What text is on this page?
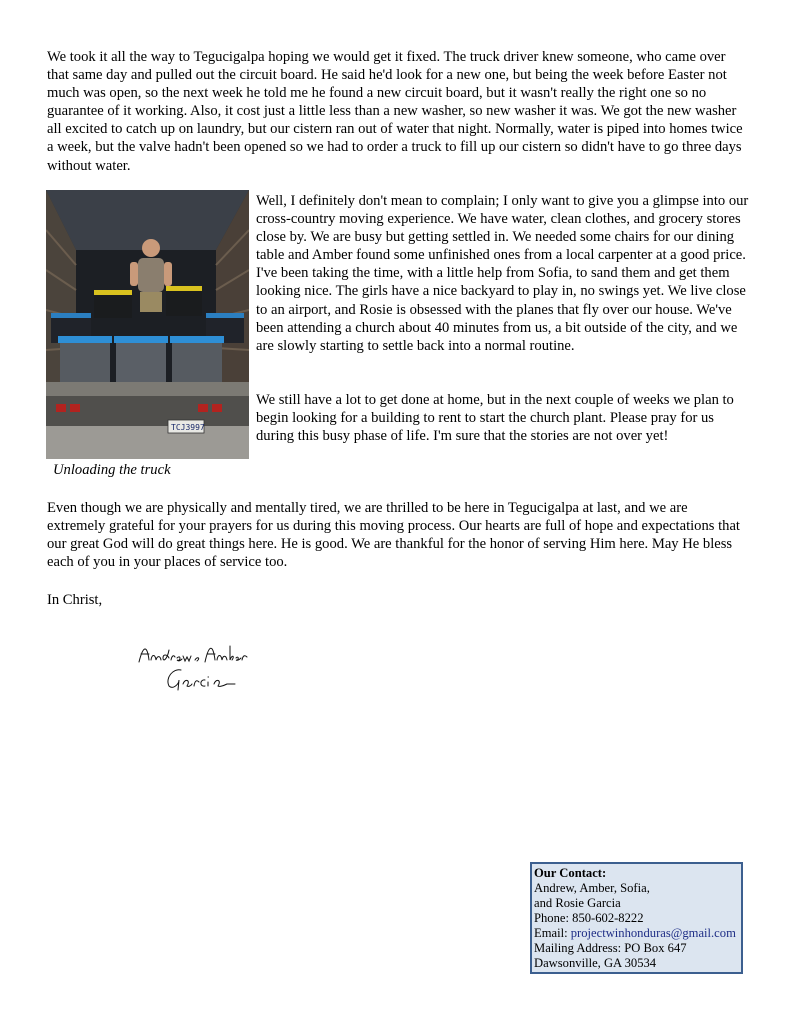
We took it all the way to Tegucigalpa hoping we would get it fixed. The truck driver knew someone, who came over that same day and pulled out the circuit board. He said he'd look for a new one, but being the week before Easter not much was open, so the next week he told me he found a new circuit board, but it wasn't really the right one so no guarantee of it working. Also, it cost just a little less than a new washer, so new washer it was. We got the new washer all excited to catch up on laundry, but our cistern ran out of water that night. Normally, water is piped into homes twice a week, but the valve hadn't been opened so we had to order a truck to fill up our cistern so didn't have to go three days without water.

TCJ3997
Unloading the truck

Well, I definitely don't mean to complain; I only want to give you a glimpse into our cross-country moving experience. We have water, clean clothes, and grocery stores close by. We are busy but getting settled in. We needed some chairs for our dining table and Amber found some unfinished ones from a local carpenter at a good price. I've been taking the time, with a little help from Sofia, to sand them and get them looking nice. The girls have a nice backyard to play in, no swings yet. We live close to an airport, and Rosie is obsessed with the planes that fly over our house. We've been attending a church about 40 minutes from us, a bit outside of the city, and we are slowly starting to settle back into a normal routine.

We still have a lot to get done at home, but in the next couple of weeks we plan to begin looking for a building to rent to start the church plant. Please pray for us during this busy phase of life. I'm sure that the stories are not over yet!

Even though we are physically and mentally tired, we are thrilled to be here in Tegucigalpa at last, and we are extremely grateful for your prayers for us during this moving process. Our hearts are full of hope and expectations that our great God will do great things here. He is good. We are thankful for the honor of serving Him here. May He bless each of you in your places of service too.

In Christ,

Our Contact:
Andrew, Amber, Sofia,
and Rosie Garcia
Phone: 850-602-8222
Email: projectwinhonduras@gmail.com
Mailing Address: PO Box 647
Dawsonville, GA 30534
